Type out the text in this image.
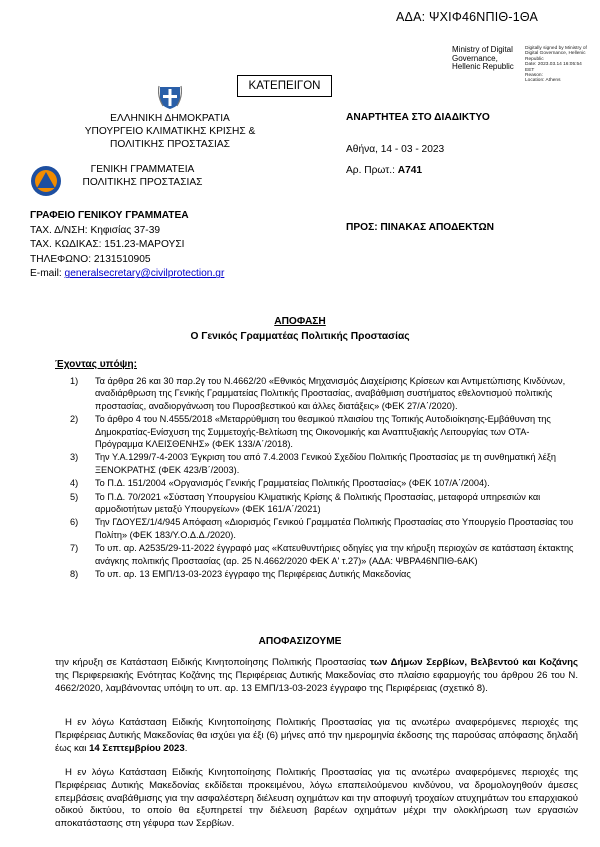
ΑΔΑ: ΨΧΙΦ46ΝΠΙΘ-1ΘΑ
Ministry of Digital
Governance,
Hellenic Republic
Digitally signed by Ministry of
Digital Governance, Hellenic
Republic
Date: 2023.03.14 16:05:54
EET
Reason:
Location: Athens
ΚΑΤΕΠΕΙΓΟΝ
ΕΛΛΗΝΙΚΗ ΔΗΜΟΚΡΑΤΙΑ
ΥΠΟΥΡΓΕΙΟ ΚΛΙΜΑΤΙΚΗΣ ΚΡΙΣΗΣ &
ΠΟΛΙΤΙΚΗΣ ΠΡΟΣΤΑΣΙΑΣ
ΓΕΝΙΚΗ ΓΡΑΜΜΑΤΕΙΑ
ΠΟΛΙΤΙΚΗΣ ΠΡΟΣΤΑΣΙΑΣ
ΓΡΑΦΕΙΟ ΓΕΝΙΚΟΥ ΓΡΑΜΜΑΤΕΑ
ΤΑΧ. Δ/ΝΣΗ: Κηφισίας 37-39
ΤΑΧ. ΚΩΔΙΚΑΣ: 151.23-ΜΑΡΟΥΣΙ
ΤΗΛΕΦΩΝΟ: 2131510905
E-mail: generalsecretary@civilprotection.gr
ΑΝΑΡΤΗΤΕΑ ΣΤΟ ΔΙΑΔΙΚΤΥΟ
Αθήνα, 14 - 03 - 2023
Αρ. Πρωτ.: Α741
ΠΡΟΣ: ΠΙΝΑΚΑΣ ΑΠΟΔΕΚΤΩΝ
ΑΠΟΦΑΣΗ
Ο Γενικός Γραμματέας Πολιτικής Προστασίας
Έχοντας υπόψη:
1) Τα άρθρα 26 και 30 παρ.2γ του Ν.4662/20 «Εθνικός Μηχανισμός Διαχείρισης Κρίσεων και Αντιμετώπισης Κινδύνων, αναδιάρθρωση της Γενικής Γραμματείας Πολιτικής Προστασίας, αναβάθμιση συστήματος εθελοντισμού πολιτικής προστασίας, αναδιοργάνωση του Πυροσβεστικού και άλλες διατάξεις» (ΦΕΚ 27/Α΄/2020).
2) Το άρθρο 4 του Ν.4555/2018 «Μεταρρύθμιση του θεσμικού πλαισίου της Τοπικής Αυτοδιοίκησης-Εμβάθυνση της Δημοκρατίας-Ενίσχυση της Συμμετοχής-Βελτίωση της Οικονομικής και Αναπτυξιακής Λειτουργίας των ΟΤΑ-Πρόγραμμα ΚΛΕΙΣΘΕΝΗΣ» (ΦΕΚ 133/Α΄/2018).
3) Την Υ.Α.1299/7-4-2003 Έγκριση του από 7.4.2003 Γενικού Σχεδίου Πολιτικής Προστασίας με τη συνθηματική λέξη ΞΕΝΟΚΡΑΤΗΣ (ΦΕΚ 423/Β΄/2003).
4) Το Π.Δ. 151/2004 «Οργανισμός Γενικής Γραμματείας Πολιτικής Προστασίας» (ΦΕΚ 107/Α΄/2004).
5) Το Π.Δ. 70/2021 «Σύσταση Υπουργείου Κλιματικής Κρίσης & Πολιτικής Προστασίας, μεταφορά υπηρεσιών και αρμοδιοτήτων μεταξύ Υπουργείων» (ΦΕΚ 161/Α΄/2021)
6) Την ΓΔΟΥΕΣ/1/4/945 Απόφαση «Διορισμός Γενικού Γραμματέα Πολιτικής Προστασίας στο Υπουργείο Προστασίας του Πολίτη» (ΦΕΚ 183/Υ.Ο.Δ.Δ./2020).
7) Το υπ. αρ. Α2535/29-11-2022 έγγραφό μας «Κατευθυντήριες οδηγίες για την κήρυξη περιοχών σε κατάσταση έκτακτης ανάγκης πολιτικής Προστασίας (αρ. 25 Ν.4662/2020 ΦΕΚ Α' τ.27)» (ΑΔΑ: ΨΒΡΑ46ΝΠΙΘ-6ΑΚ)
8) Το υπ. αρ. 13 ΕΜΠ/13-03-2023 έγγραφο της Περιφέρειας Δυτικής Μακεδονίας
ΑΠΟΦΑΣΙΖΟΥΜΕ
την κήρυξη σε Κατάσταση Ειδικής Κινητοποίησης Πολιτικής Προστασίας των Δήμων Σερβίων, Βελβεντού και Κοζάνης της Περιφερειακής Ενότητας Κοζάνης της Περιφέρειας Δυτικής Μακεδονίας στο πλαίσιο εφαρμογής του άρθρου 26 του Ν. 4662/2020, λαμβάνοντας υπόψη το υπ. αρ. 13 ΕΜΠ/13-03-2023 έγγραφο της Περιφέρειας (σχετικό 8).
Η εν λόγω Κατάσταση Ειδικής Κινητοποίησης Πολιτικής Προστασίας για τις ανωτέρω αναφερόμενες περιοχές της Περιφέρειας Δυτικής Μακεδονίας θα ισχύει για έξι (6) μήνες από την ημερομηνία έκδοσης της παρούσας απόφασης δηλαδή έως και 14 Σεπτεμβρίου 2023.
Η εν λόγω Κατάσταση Ειδικής Κινητοποίησης Πολιτικής Προστασίας για τις ανωτέρω αναφερόμενες περιοχές της Περιφέρειας Δυτικής Μακεδονίας εκδίδεται προκειμένου, λόγω επαπειλούμενου κινδύνου, να δρομολογηθούν άμεσες επεμβάσεις αναβάθμισης για την ασφαλέστερη διέλευση οχημάτων και την αποφυγή τροχαίων ατυχημάτων του επαρχιακού οδικού δικτύου, το οποίο θα εξυπηρετεί την διέλευση βαρέων οχημάτων μέχρι την ολοκλήρωση των εργασιών αποκατάστασης στη γέφυρα των Σερβίων.
